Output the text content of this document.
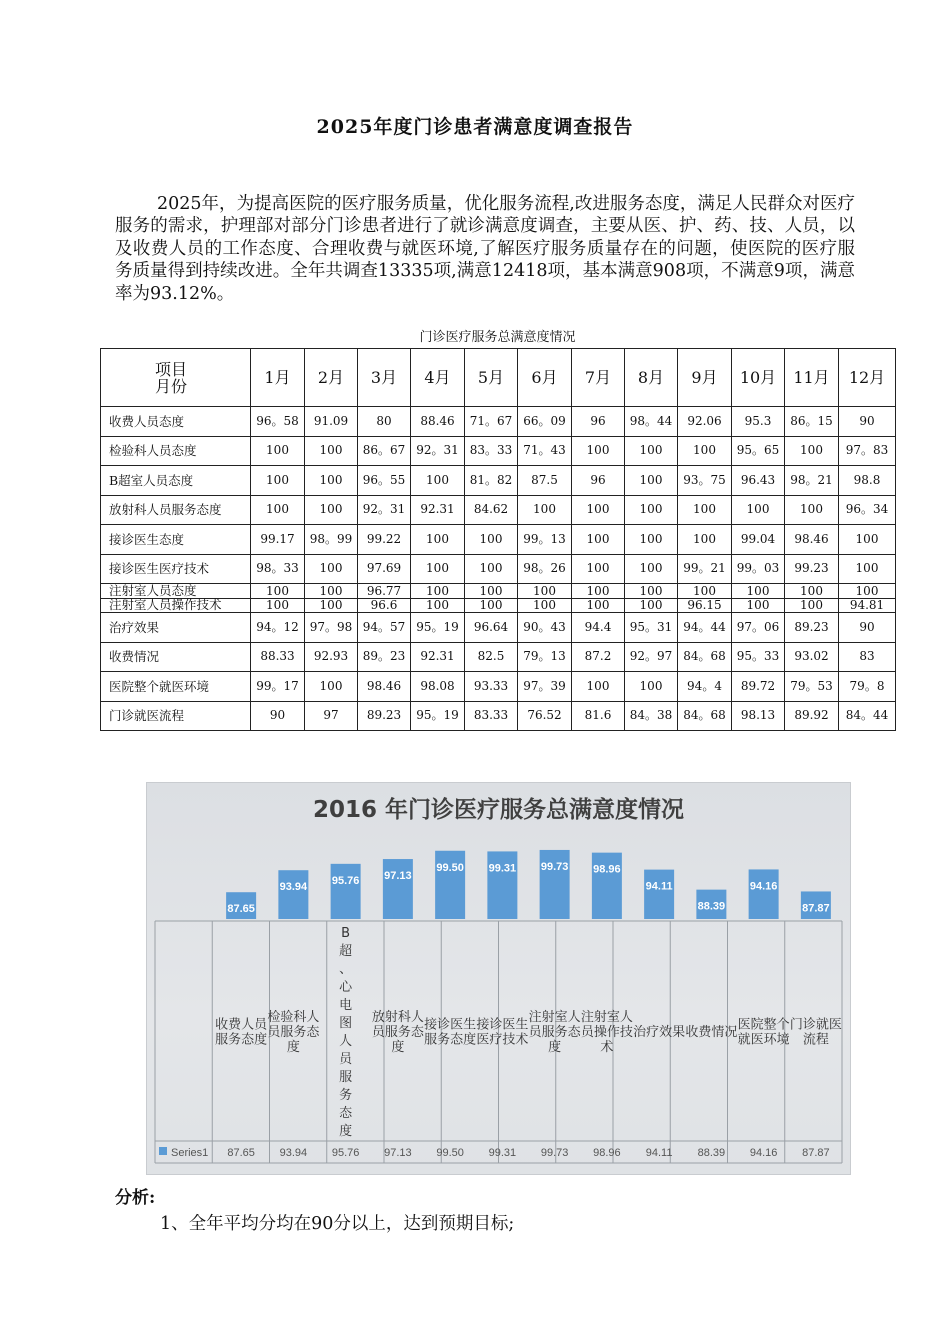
2025年度门诊患者满意度调查报告

2025年，为提高医院的医疗服务质量，优化服务流程,改进服务态度，满足人民群众对医疗服务的需求，护理部对部分门诊患者进行了就诊满意度调查，主要从医、护、药、技、人员，以及收费人员的工作态度、合理收费与就医环境,了解医疗服务质量存在的问题，使医院的医疗服务质量得到持续改进。全年共调查13335项,满意12418项，基本满意908项，不满意9项，满意率为93.12%。

门诊医疗服务总满意度情况
项目
月份	1月	2月	3月	4月	5月	6月	7月	8月	9月	10月	11月	12月
收费人员态度	96。58	91.09	80	88.46	71。67	66。09	96	98。44	92.06	95.3	86。15	90
检验科人员态度	100	100	86。67	92。31	83。33	71。43	100	100	100	95。65	100	97。83
B超室人员态度	100	100	96。55	100	81。82	87.5	96	100	93。75	96.43	98。21	98.8
放射科人员服务态度	100	100	92。31	92.31	84.62	100	100	100	100	100	100	96。34
接诊医生态度	99.17	98。99	99.22	100	100	99。13	100	100	100	99.04	98.46	100
接诊医生医疗技术	98。33	100	97.69	100	100	98。26	100	100	99。21	99。03	99.23	100
注射室人员态度	100	100	96.77	100	100	100	100	100	100	100	100	100
注射室人员操作技术	100	100	96.6	100	100	100	100	100	96.15	100	100	94.81
治疗效果	94。12	97。98	94。57	95。19	96.64	90。43	94.4	95。31	94。44	97。06	89.23	90
收费情况	88.33	92.93	89。23	92.31	82.5	79。13	87.2	92。97	84。68	95。33	93.02	83
医院整个就医环境	99。17	100	98.46	98.08	93.33	97。39	100	100	94。4	89.72	79。53	79。8
门诊就医流程	90	97	89.23	95。19	83.33	76.52	81.6	84。38	84。68	98.13	89.92	84。44
2016 年门诊医疗服务总满意度情况
Series1
87.65
收费人员服务态度
87.65
93.94
检验科人员服务态度
93.94
95.76
B 超、心电图人员服务态度
95.76
97.13
放射科人员服务态度
97.13
99.50
接诊医生服务态度
99.50
99.31
接诊医生医疗技术
99.31
99.73
注射室人员服务态度
99.73
98.96
注射室人员操作技术
98.96
94.11
治疗效果
94.11
88.39
收费情况
88.39
94.16
医院整个就医环境
94.16
87.87
门诊就医流程
87.87
分析:
1、全年平均分均在90分以上，达到预期目标;
